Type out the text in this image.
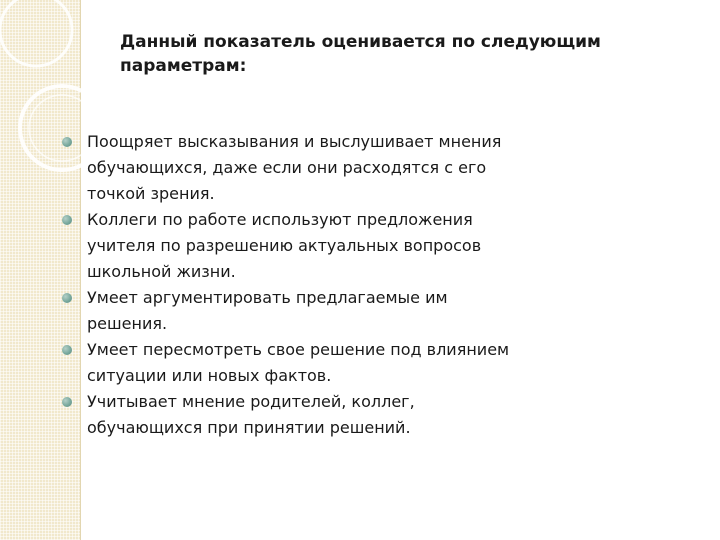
Данный показатель оценивается по следующим параметрам:
Поощряет высказывания и выслушивает мнения обучающихся, даже если они расходятся с его точкой зрения.
Коллеги по работе используют предложения учителя по разрешению актуальных вопросов школьной жизни.
Умеет аргументировать предлагаемые им решения.
Умеет пересмотреть свое решение под влиянием ситуации или новых фактов.
Учитывает мнение родителей, коллег, обучающихся при принятии решений.
